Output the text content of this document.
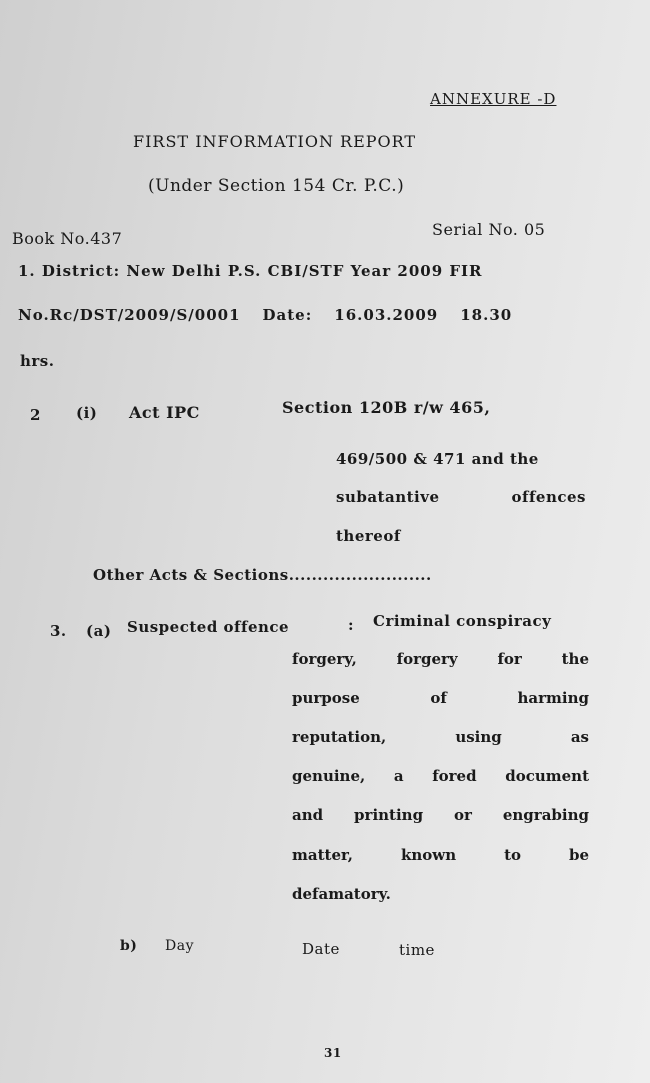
ANNEXURE -D
FIRST INFORMATION REPORT
(Under Section 154 Cr. P.C.)
Book No.437	Serial No. 05
1. District: New Delhi P.S. CBI/STF Year 2009 FIR
No.Rc/DST/2009/S/0001 Date: 16.03.2009 18.30
hrs.
2 (i) Act IPC	Section 120B r/w 465,
469/500 & 471 and the
subatantive	offences
thereof
Other Acts & Sections.........................
3. (a) Suspected offence	: Criminal conspiracy
forgery, forgery for the
purpose of harming
reputation, using as
genuine, a fored document
and printing or engrabing
matter, known to be
defamatory.
b) Day	Date	time
31
